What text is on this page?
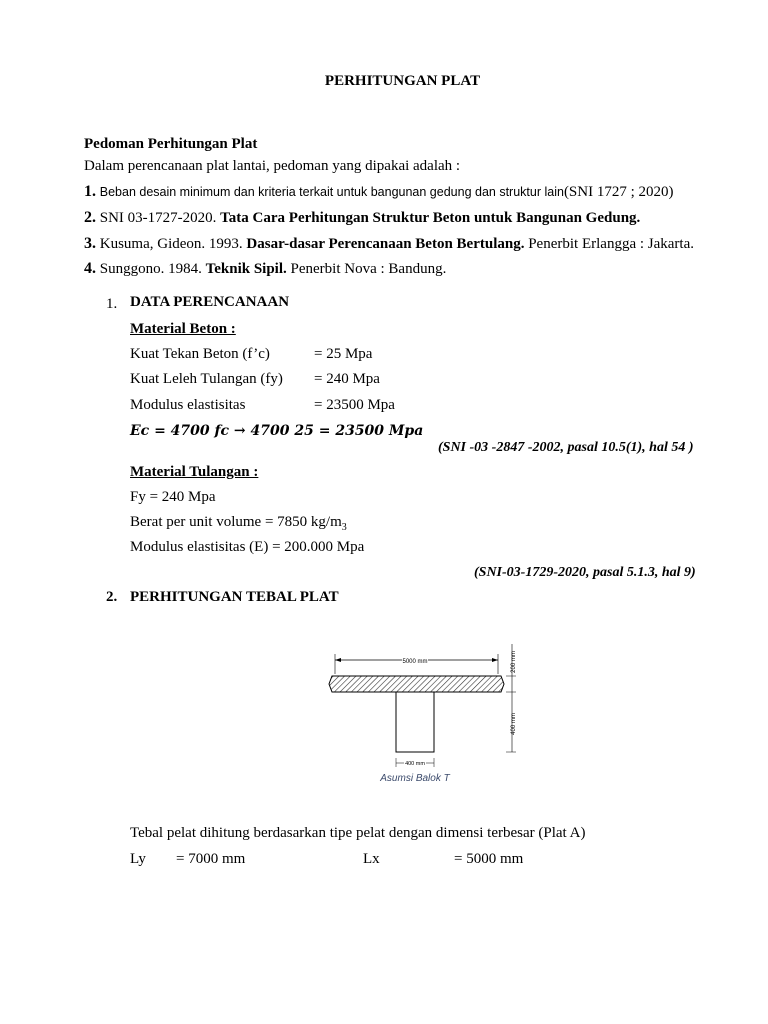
PERHITUNGAN PLAT
Pedoman Perhitungan Plat
Dalam perencanaan plat lantai, pedoman yang dipakai adalah :
1. Beban desain minimum dan kriteria terkait untuk bangunan gedung dan struktur lain(SNI 1727 ; 2020)
2. SNI 03-1727-2020. Tata Cara Perhitungan Struktur Beton untuk Bangunan Gedung.
3. Kusuma, Gideon. 1993. Dasar-dasar Perencanaan Beton Bertulang. Penerbit Erlangga : Jakarta.
4. Sunggono. 1984. Teknik Sipil. Penerbit Nova : Bandung.
1. DATA PERENCANAAN
Material Beton :
Kuat Tekan Beton (f’c)	= 25 Mpa
Kuat Leleh Tulangan (fy) = 240 Mpa
Modulus elastisitas	= 23500 Mpa
Ec = 4700 fc → 4700 25 = 23500 Mpa
(SNI -03 -2847 -2002, pasal 10.5(1), hal 54 )
Material Tulangan :
Fy = 240 Mpa
Berat per unit volume = 7850 $kg/m_3$
Modulus elastisitas (E) = 200.000 Mpa
(SNI-03-1729-2020, pasal 5.1.3, hal 9)
2. PERHITUNGAN TEBAL PLAT
5000 mm	200 mm
400 mm
400 mm
Asumsi Balok T
Tebal pelat dihitung berdasarkan tipe pelat dengan dimensi terbesar (Plat A)
Ly = 7000 mm	Lx	= 5000 mm
